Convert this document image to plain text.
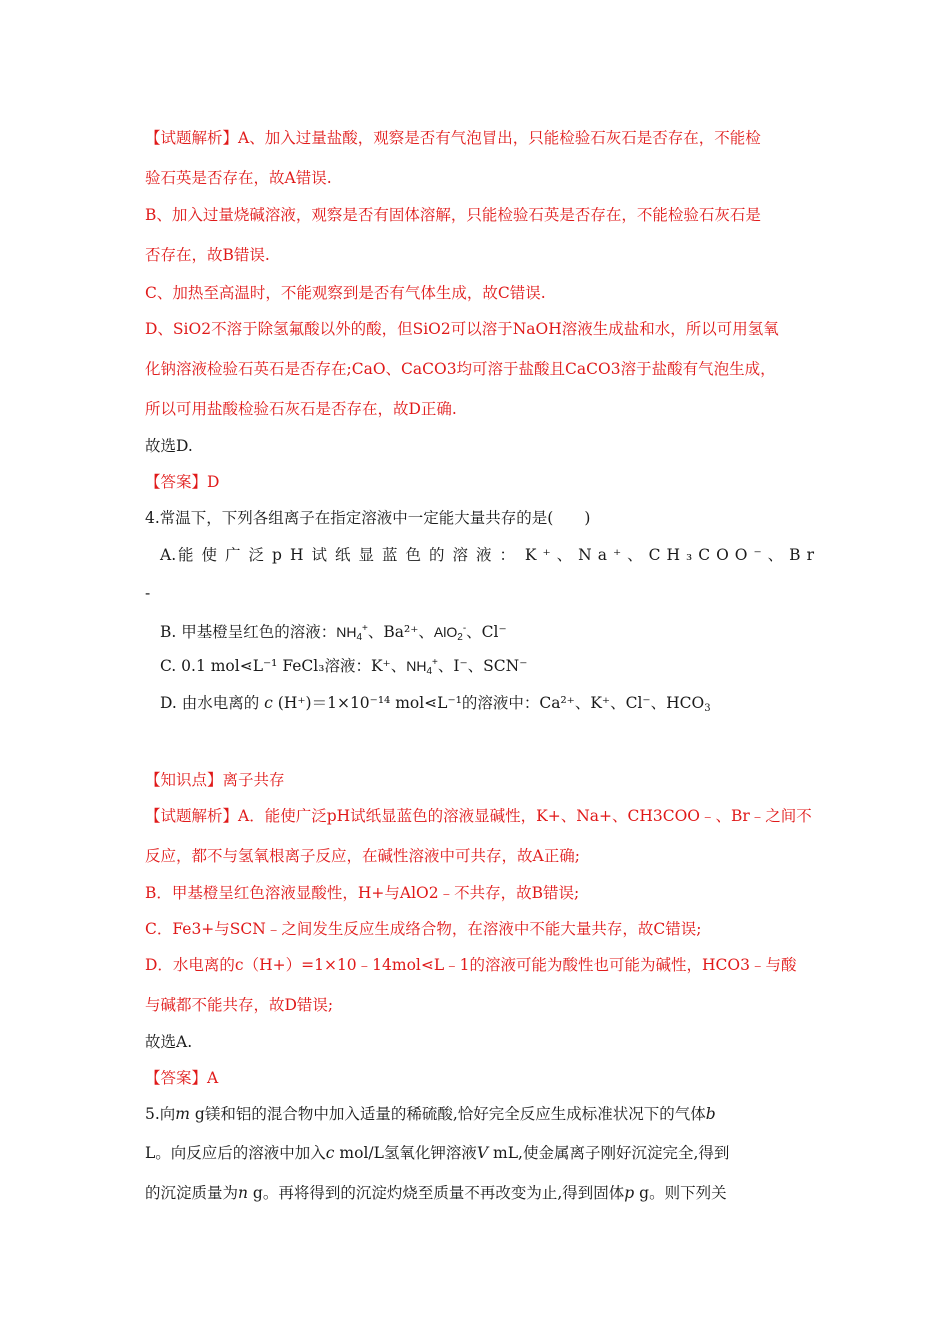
【试题解析】A、加入过量盐酸，观察是否有气泡冒出，只能检验石灰石是否存在，不能检
验石英是否存在，故A错误.
B、加入过量烧碱溶液，观察是否有固体溶解，只能检验石英是否存在，不能检验石灰石是
否存在，故B错误.
C、加热至高温时，不能观察到是否有气体生成，故C错误.
D、SiO2不溶于除氢氟酸以外的酸，但SiO2可以溶于NaOH溶液生成盐和水，所以可用氢氧
化钠溶液检验石英石是否存在;CaO、CaCO3均可溶于盐酸且CaCO3溶于盐酸有气泡生成，
所以可用盐酸检验石灰石是否存在，故D正确.
故选D.
【答案】D
4.常温下，下列各组离子在指定溶液中一定能大量共存的是(　　)
A. 能使广泛pH试纸显蓝色的溶液： K⁺、Na⁺、CH₃COO⁻、Br
-
B. 甲基橙呈红色的溶液：$NH_4^+$、Ba²⁺、AlO$_2$-、Cl⁻
C. 0.1 mol⋖L⁻¹ FeCl₃溶液：K⁺、$NH_4^+$、I⁻、SCN⁻
D. 由水电离的 c (H⁺)＝1×10⁻¹⁴ mol⋖L⁻¹的溶液中：Ca²⁺、K⁺、Cl⁻、$HCO_3$
【知识点】离子共存
【试题解析】A．能使广泛pH试纸显蓝色的溶液显碱性，K+、Na+、CH3COO﹣、Br﹣之间不
反应，都不与氢氧根离子反应，在碱性溶液中可共存，故A正确;
B．甲基橙呈红色溶液显酸性，H+与AlO2﹣不共存，故B错误;
C．Fe3+与SCN﹣之间发生反应生成络合物，在溶液中不能大量共存，故C错误;
D．水电离的c（H+）=1×10﹣14mol⋖L﹣1的溶液可能为酸性也可能为碱性，HCO3﹣与酸
与碱都不能共存，故D错误;
故选A.
【答案】A
5.向m g镁和铝的混合物中加入适量的稀硫酸,恰好完全反应生成标准状况下的气体b
L。向反应后的溶液中加入c mol/L氢氧化钾溶液V mL,使金属离子刚好沉淀完全,得到
的沉淀质量为n g。再将得到的沉淀灼烧至质量不再改变为止,得到固体p g。则下列关
